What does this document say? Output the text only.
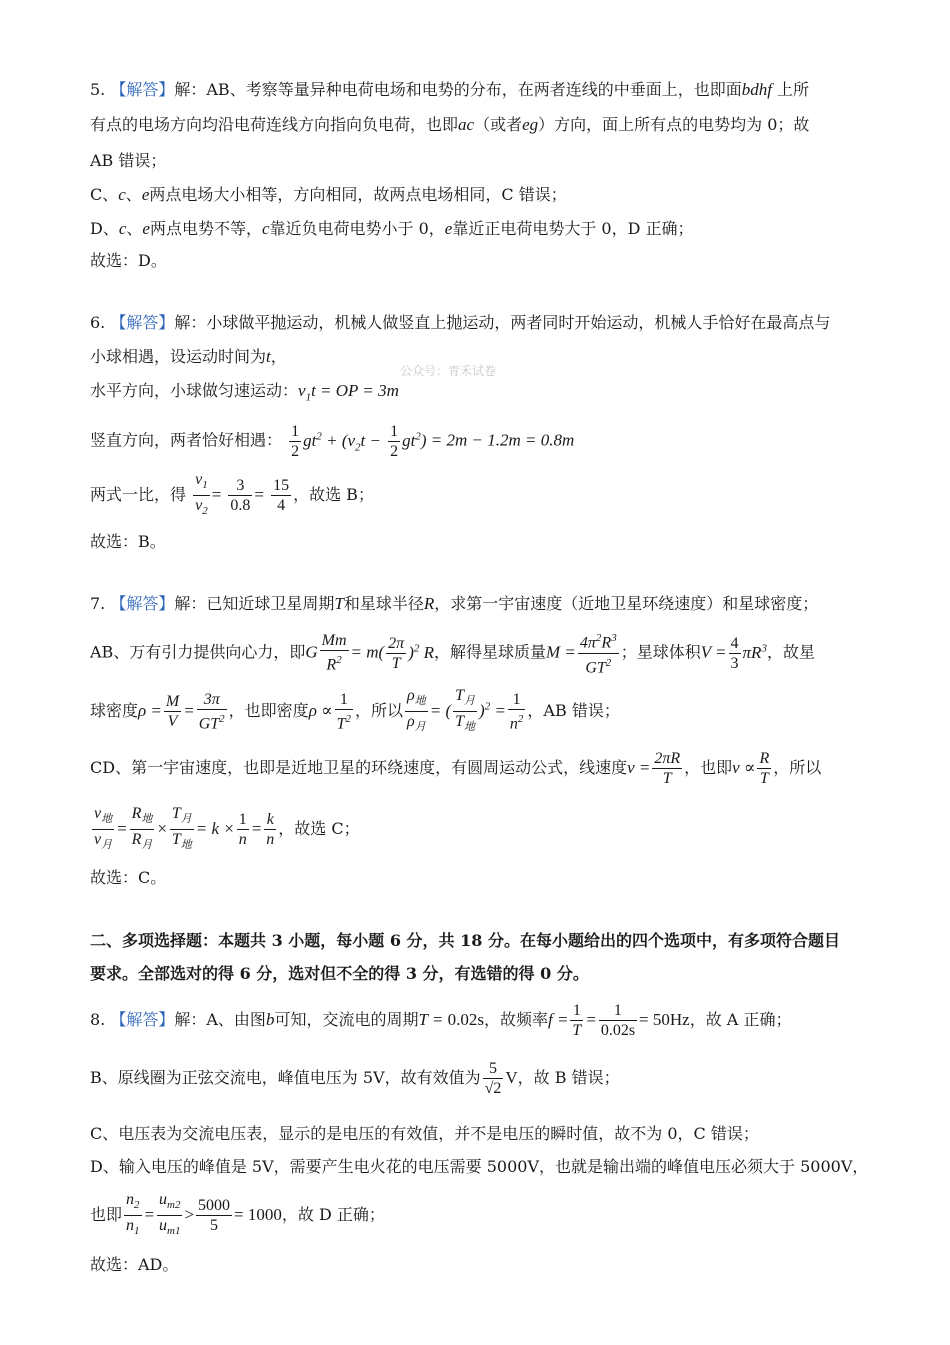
5. 【解答】解：AB、考察等量异种电荷电场和电势的分布，在两者连线的中垂面上，也即面bdhf 上所
有点的电场方向均沿电荷连线方向指向负电荷，也即ac（或者eg）方向，面上所有点的电势均为 0；故
AB 错误；
C、c、e两点电场大小相等，方向相同，故两点电场相同，C 错误；
D、c、e两点电势不等，c靠近负电荷电势小于 0，e靠近正电荷电势大于 0，D 正确；
故选：D。
6. 【解答】解：小球做平抛运动，机械人做竖直上抛运动，两者同时开始运动，机械人手恰好在最高点与
小球相遇，设运动时间为t，
公众号：青禾试卷
水平方向，小球做匀速运动：$v_1t$ = OP = 3m
竖直方向，两者恰好相遇： $\frac{1}{2} gt^2 + (v_2t - \frac{1}{2} gt^2) = 2m - 1.2m = 0.8m$
两式一比，得 $\frac{v_1}{v_2} = \frac{3}{0.8} = \frac{15}{4}$ ，故选 B；
故选：B。
7. 【解答】解：已知近球卫星周期T和星球半径R，求第一宇宙速度（近地卫星环绕速度）和星球密度；
AB、万有引力提供向心力，即G $\frac{Mm}{R^2} = m( \frac{2\pi}{T} )^2$ R，解得星球质量$M = \frac{4\pi^2R^3}{GT^2}$ ；星球体积$V = \frac{4}{3} \pi R^3$，故星
球密度$\rho = \frac{M}{V} = \frac{3\pi}{GT^2}$ ，也即密度$\rho \propto \frac{1}{T^2}$ ，所以 $\frac{\rho_地}{\rho_月}$ = ( $\frac{T_月}{T_地} )^2 = \frac{1}{n^2}$ ，AB 错误；
CD、第一宇宙速度，也即是近地卫星的环绕速度，有圆周运动公式，线速度$v = \frac{2\pi R}{T}$ ，也即$v \propto \frac{R}{T}$ ，所以
$\frac{v_地}{v_月} = \frac{R_地}{R_月} \times \frac{T_月}{T_地} = k \times \frac{1}{n} = \frac{k}{n}$ ，故选 C；
故选：C。
二、多项选择题：本题共 3 小题，每小题 6 分，共 18 分。在每小题给出的四个选项中，有多项符合题目
要求。全部选对的得 6 分，选对但不全的得 3 分，有选错的得 0 分。
8. 【解答】解：A、由图b可知，交流电的周期T = 0.02s，故频率$f = \frac{1}{T} = \frac{1}{0.02s} = 50Hz$，故 A 正确；
B、原线圈为正弦交流电，峰值电压为 5V，故有效值为 $\frac{5}{√2}$ V，故 B 错误；
C、电压表为交流电压表，显示的是电压的有效值，并不是电压的瞬时值，故不为 0，C 错误；
D、输入电压的峰值是 5V，需要产生电火花的电压需要 5000V，也就是输出端的峰值电压必须大于 5000V，
也即 $\frac{n_2}{n_1} = \frac{u_{m2}}{u_{m1}} > \frac{5000}{5} = 1000$，故 D 正确；
故选：AD。
